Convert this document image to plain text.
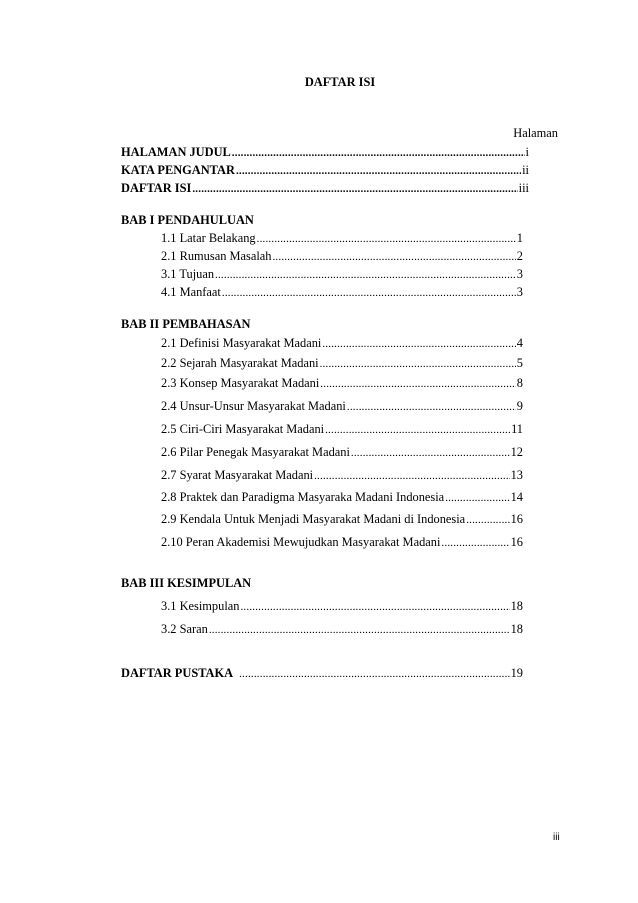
DAFTAR ISI
Halaman
HALAMAN JUDUL .....	i
KATA PENGANTAR .....	ii
DAFTAR ISI .....	iii
BAB I PENDAHULUAN
1.1 Latar Belakang .....	1
2.1 Rumusan Masalah .....	2
3.1 Tujuan .....	3
4.1 Manfaat .....	3
BAB II PEMBAHASAN
2.1 Definisi Masyarakat Madani .....	4
2.2 Sejarah Masyarakat Madani .....	5
2.3 Konsep Masyarakat Madani .....	8
2.4 Unsur-Unsur Masyarakat Madani .....	9
2.5 Ciri-Ciri Masyarakat Madani .....	11
2.6 Pilar Penegak Masyarakat Madani .....	12
2.7 Syarat Masyarakat Madani .....	13
2.8 Praktek dan Paradigma Masyaraka Madani Indonesia .....	14
2.9 Kendala Untuk Menjadi Masyarakat Madani di Indonesia .....	16
2.10 Peran Akademisi Mewujudkan Masyarakat Madani .....	16
BAB III KESIMPULAN
3.1 Kesimpulan .....	18
3.2 Saran .....	18
DAFTAR PUSTAKA .....	19
iii
